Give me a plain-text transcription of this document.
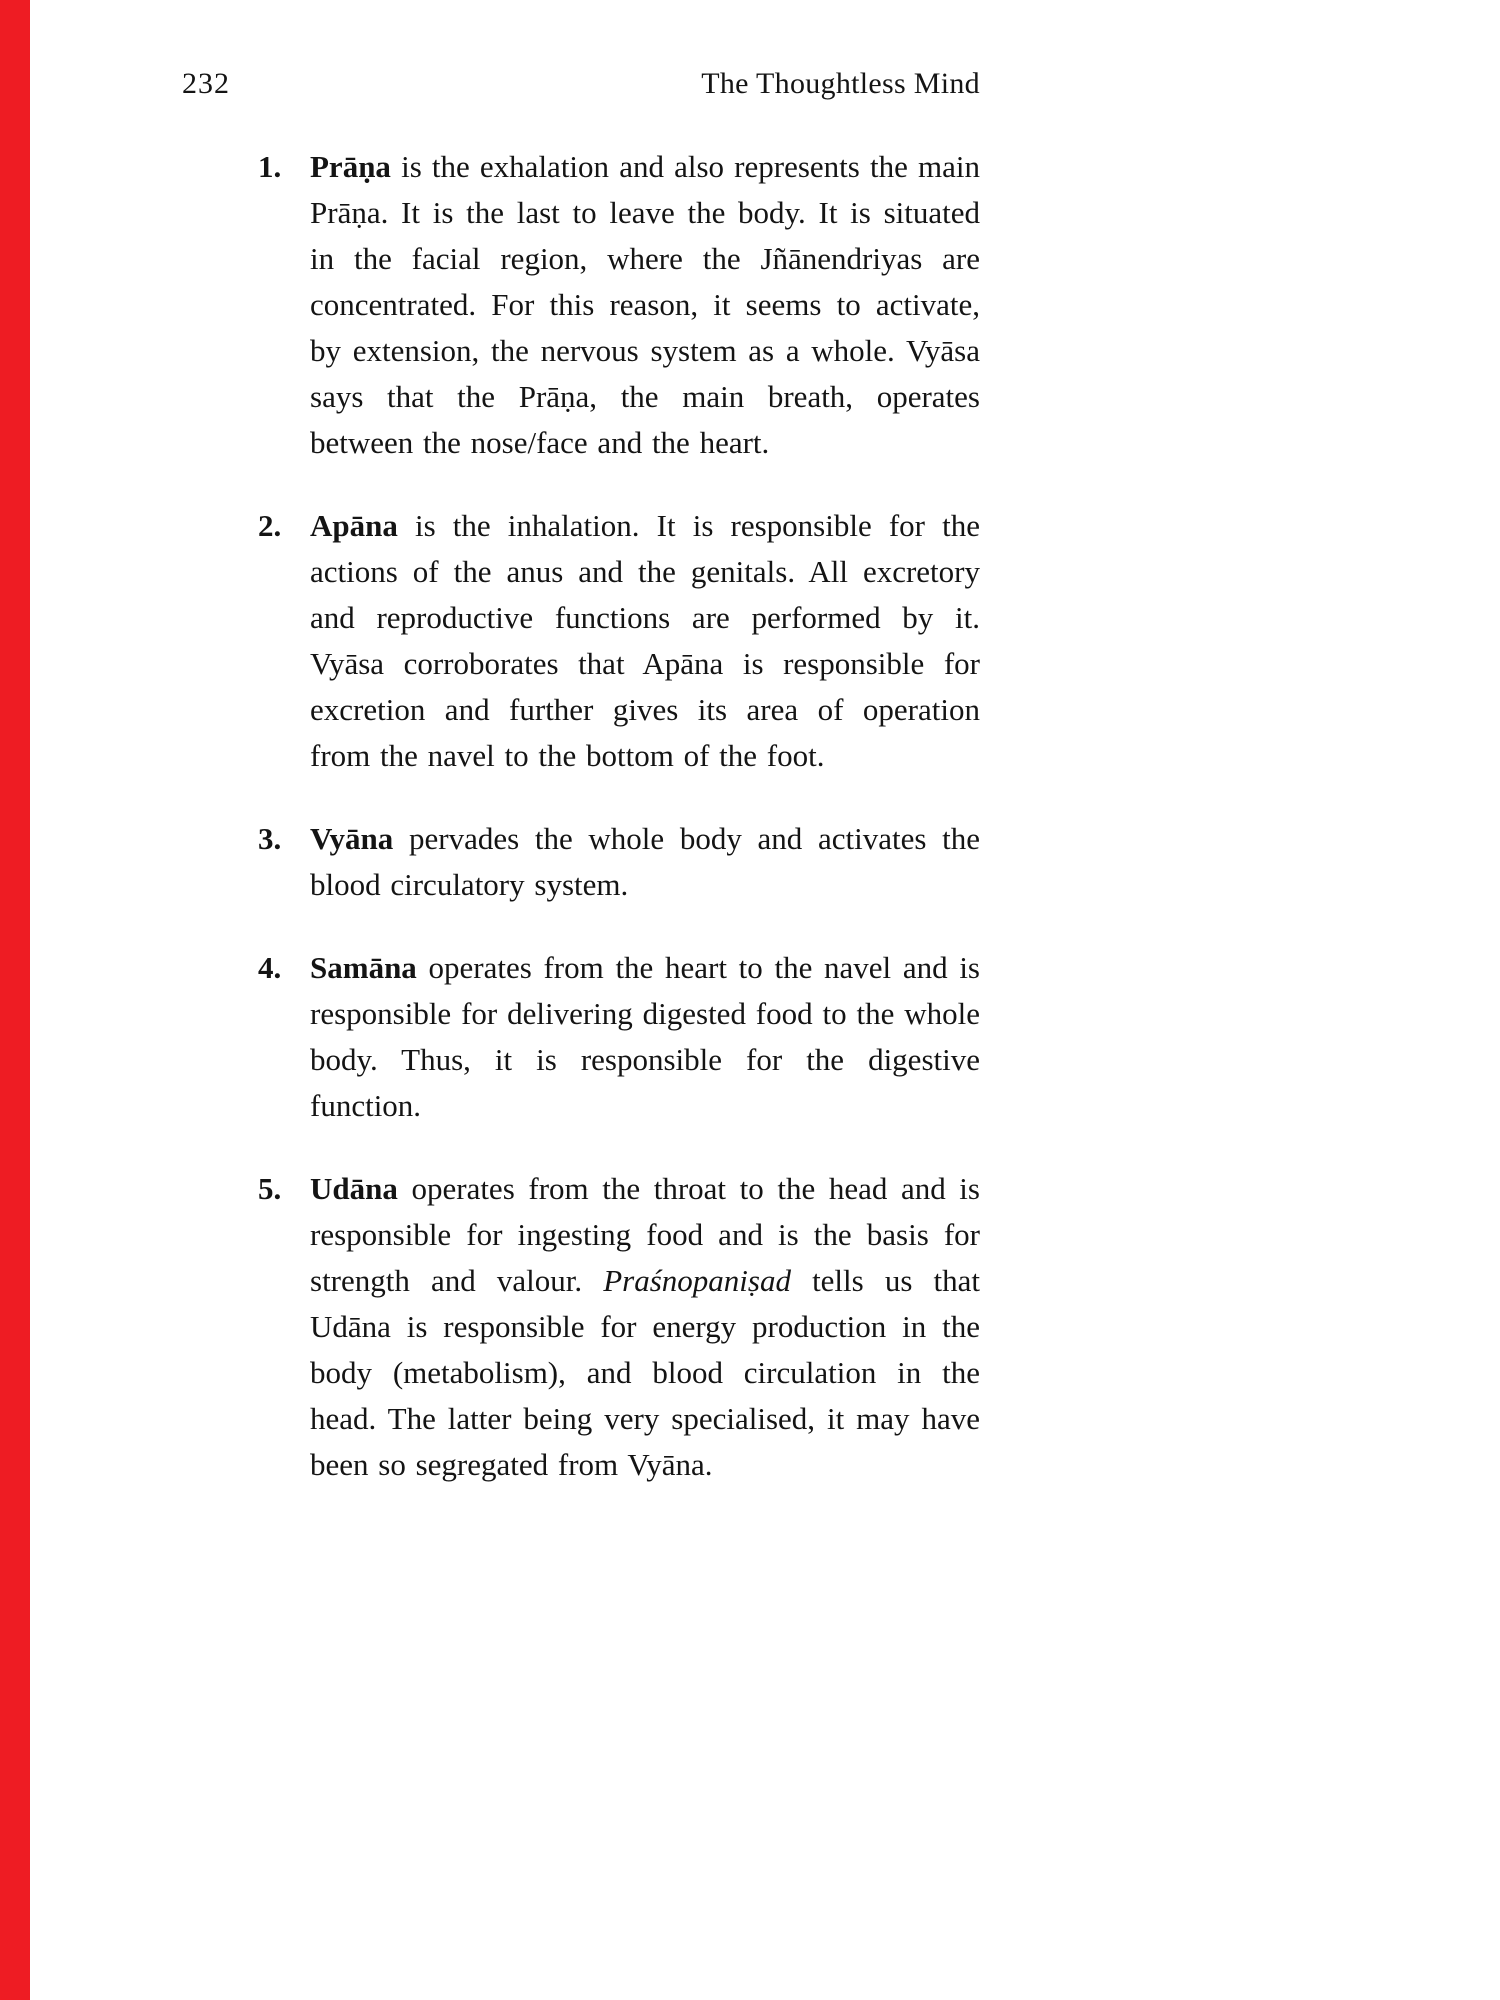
232	The Thoughtless Mind
1. Prāṇa is the exhalation and also represents the main Prāṇa. It is the last to leave the body. It is situated in the facial region, where the Jñānendriyas are concentrated. For this reason, it seems to activate, by extension, the nervous system as a whole. Vyāsa says that the Prāṇa, the main breath, operates between the nose/face and the heart.
2. Apāna is the inhalation. It is responsible for the actions of the anus and the genitals. All excretory and reproductive functions are performed by it. Vyāsa corroborates that Apāna is responsible for excretion and further gives its area of operation from the navel to the bottom of the foot.
3. Vyāna pervades the whole body and activates the blood circulatory system.
4. Samāna operates from the heart to the navel and is responsible for delivering digested food to the whole body. Thus, it is responsible for the digestive function.
5. Udāna operates from the throat to the head and is responsible for ingesting food and is the basis for strength and valour. Praśnopaniṣad tells us that Udāna is responsible for energy production in the body (metabolism), and blood circulation in the head. The latter being very specialised, it may have been so segregated from Vyāna.
